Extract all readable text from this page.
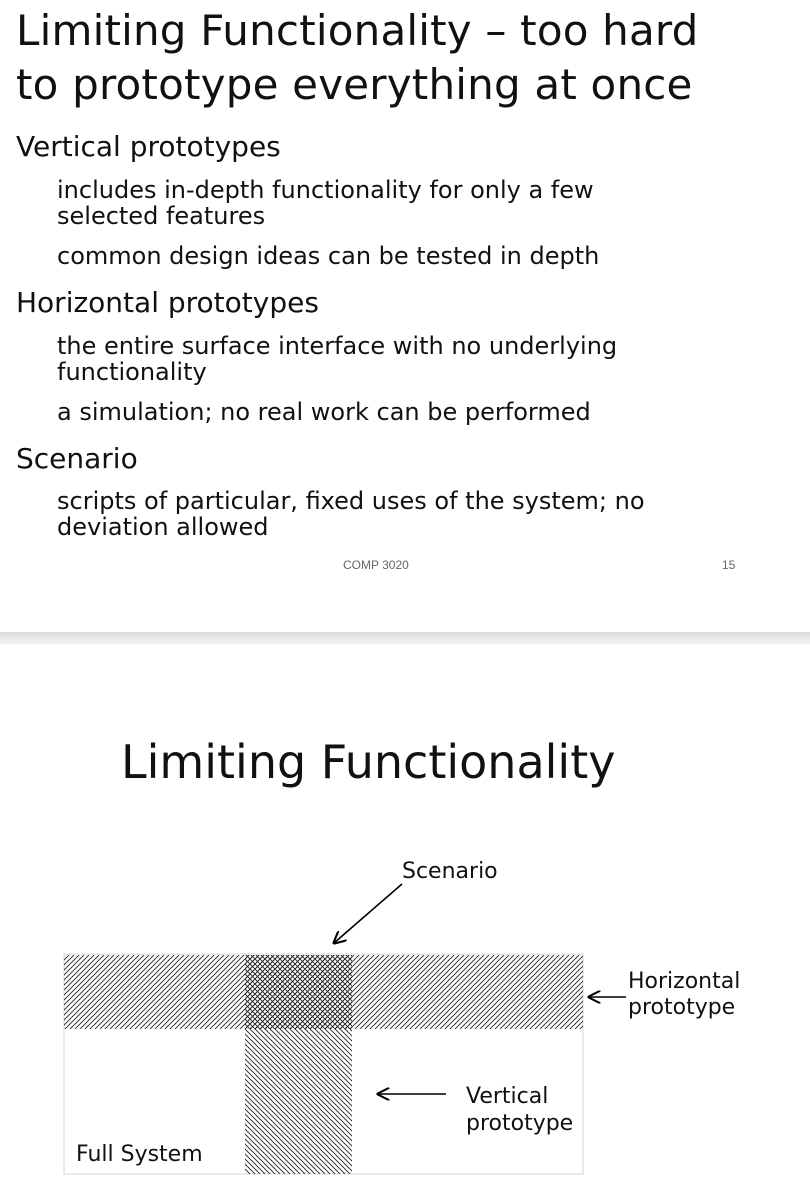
Limiting Functionality – too hard
to prototype everything at once
Vertical prototypes
includes in-depth functionality for only a few
selected features
common design ideas can be tested in depth
Horizontal prototypes
the entire surface interface with no underlying
functionality
a simulation; no real work can be performed
Scenario
scripts of particular, fixed uses of the system; no
deviation allowed
COMP 3020	15
Limiting Functionality
Scenario
Horizontal
prototype
Vertical
prototype
Full System
